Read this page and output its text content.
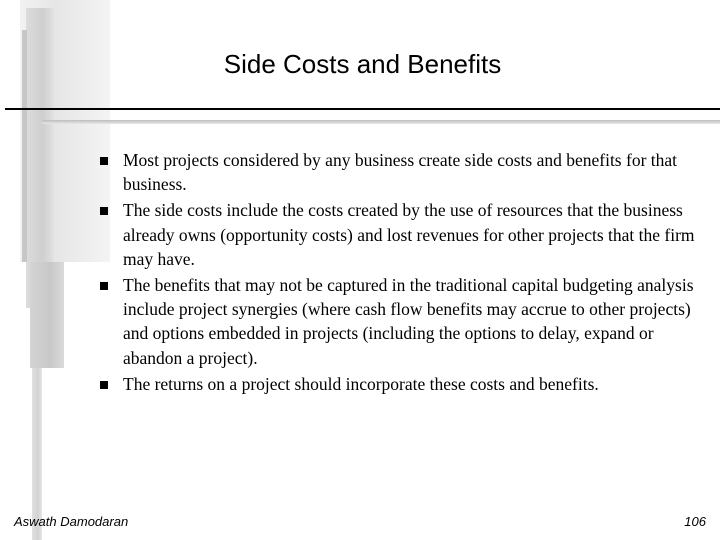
Side Costs and Benefits
Most projects considered by any business create side costs and benefits for that business.
The side costs include the costs created by the use of resources that the business already owns (opportunity costs) and lost revenues for other projects that the firm may have.
The benefits that may not be captured in the traditional capital budgeting analysis include project synergies (where cash flow benefits may accrue to other projects) and options embedded in projects (including the options to delay, expand or abandon a project).
The returns on a project should incorporate these costs and benefits.
Aswath Damodaran	106
